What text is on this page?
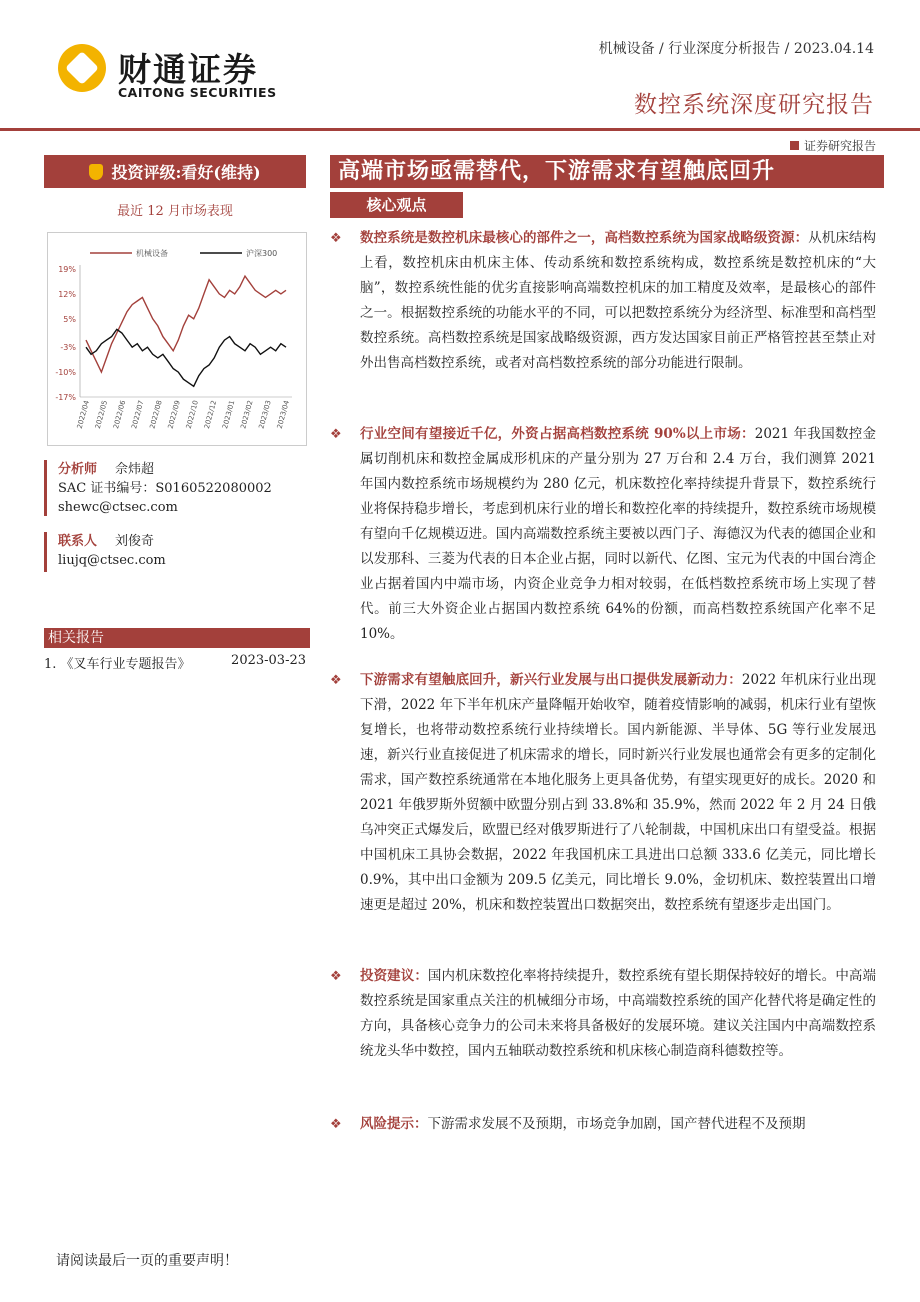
财通证券
CAITONG SECURITIES
机械设备 / 行业深度分析报告 / 2023.04.14
数控系统深度研究报告
证券研究报告
投资评级:看好(维持)
最近 12 月市场表现
机械设备	沪深300
19%
12%
5%
-3%
-10%
-17%
2022/04 2022/05 2022/06 2022/07 2022/08 2022/09 2022/10 2022/12 2023/01 2023/02 2023/03 2023/04
分析师 佘炜超
SAC 证书编号：S0160522080002
shewc@ctsec.com
联系人 刘俊奇
liujq@ctsec.com
相关报告
1. 《叉车行业专题报告》	2023-03-23
高端市场亟需替代，下游需求有望触底回升
核心观点
❖ 数控系统是数控机床最核心的部件之一，高档数控系统为国家战略级资源：从机床结构上看，数控机床由机床主体、传动系统和数控系统构成，数控系统是数控机床的“大脑”，数控系统性能的优劣直接影响高端数控机床的加工精度及效率，是最核心的部件之一。根据数控系统的功能水平的不同，可以把数控系统分为经济型、标准型和高档型数控系统。高档数控系统是国家战略级资源，西方发达国家目前正严格管控甚至禁止对外出售高档数控系统，或者对高档数控系统的部分功能进行限制。
❖ 行业空间有望接近千亿，外资占据高档数控系统 90%以上市场：2021 年我国数控金属切削机床和数控金属成形机床的产量分别为 27 万台和 2.4 万台，我们测算 2021 年国内数控系统市场规模约为 280 亿元，机床数控化率持续提升背景下，数控系统行业将保持稳步增长，考虑到机床行业的增长和数控化率的持续提升，数控系统市场规模有望向千亿规模迈进。国内高端数控系统主要被以西门子、海德汉为代表的德国企业和以发那科、三菱为代表的日本企业占据，同时以新代、亿图、宝元为代表的中国台湾企业占据着国内中端市场，内资企业竞争力相对较弱，在低档数控系统市场上实现了替代。前三大外资企业占据国内数控系统 64%的份额，而高档数控系统国产化率不足 10%。
❖ 下游需求有望触底回升，新兴行业发展与出口提供发展新动力：2022 年机床行业出现下滑，2022 年下半年机床产量降幅开始收窄，随着疫情影响的减弱，机床行业有望恢复增长，也将带动数控系统行业持续增长。国内新能源、半导体、5G 等行业发展迅速，新兴行业直接促进了机床需求的增长，同时新兴行业发展也通常会有更多的定制化需求，国产数控系统通常在本地化服务上更具备优势，有望实现更好的成长。2020 和 2021 年俄罗斯外贸额中欧盟分别占到 33.8%和 35.9%，然而 2022 年 2 月 24 日俄乌冲突正式爆发后，欧盟已经对俄罗斯进行了八轮制裁，中国机床出口有望受益。根据中国机床工具协会数据，2022 年我国机床工具进出口总额 333.6 亿美元，同比增长 0.9%，其中出口金额为 209.5 亿美元，同比增长 9.0%，金切机床、数控装置出口增速更是超过 20%，机床和数控装置出口数据突出，数控系统有望逐步走出国门。
❖ 投资建议：国内机床数控化率将持续提升，数控系统有望长期保持较好的增长。中高端数控系统是国家重点关注的机械细分市场，中高端数控系统的国产化替代将是确定性的方向，具备核心竞争力的公司未来将具备极好的发展环境。建议关注国内中高端数控系统龙头华中数控，国内五轴联动数控系统和机床核心制造商科德数控等。
❖ 风险提示：下游需求发展不及预期，市场竞争加剧，国产替代进程不及预期
请阅读最后一页的重要声明！
